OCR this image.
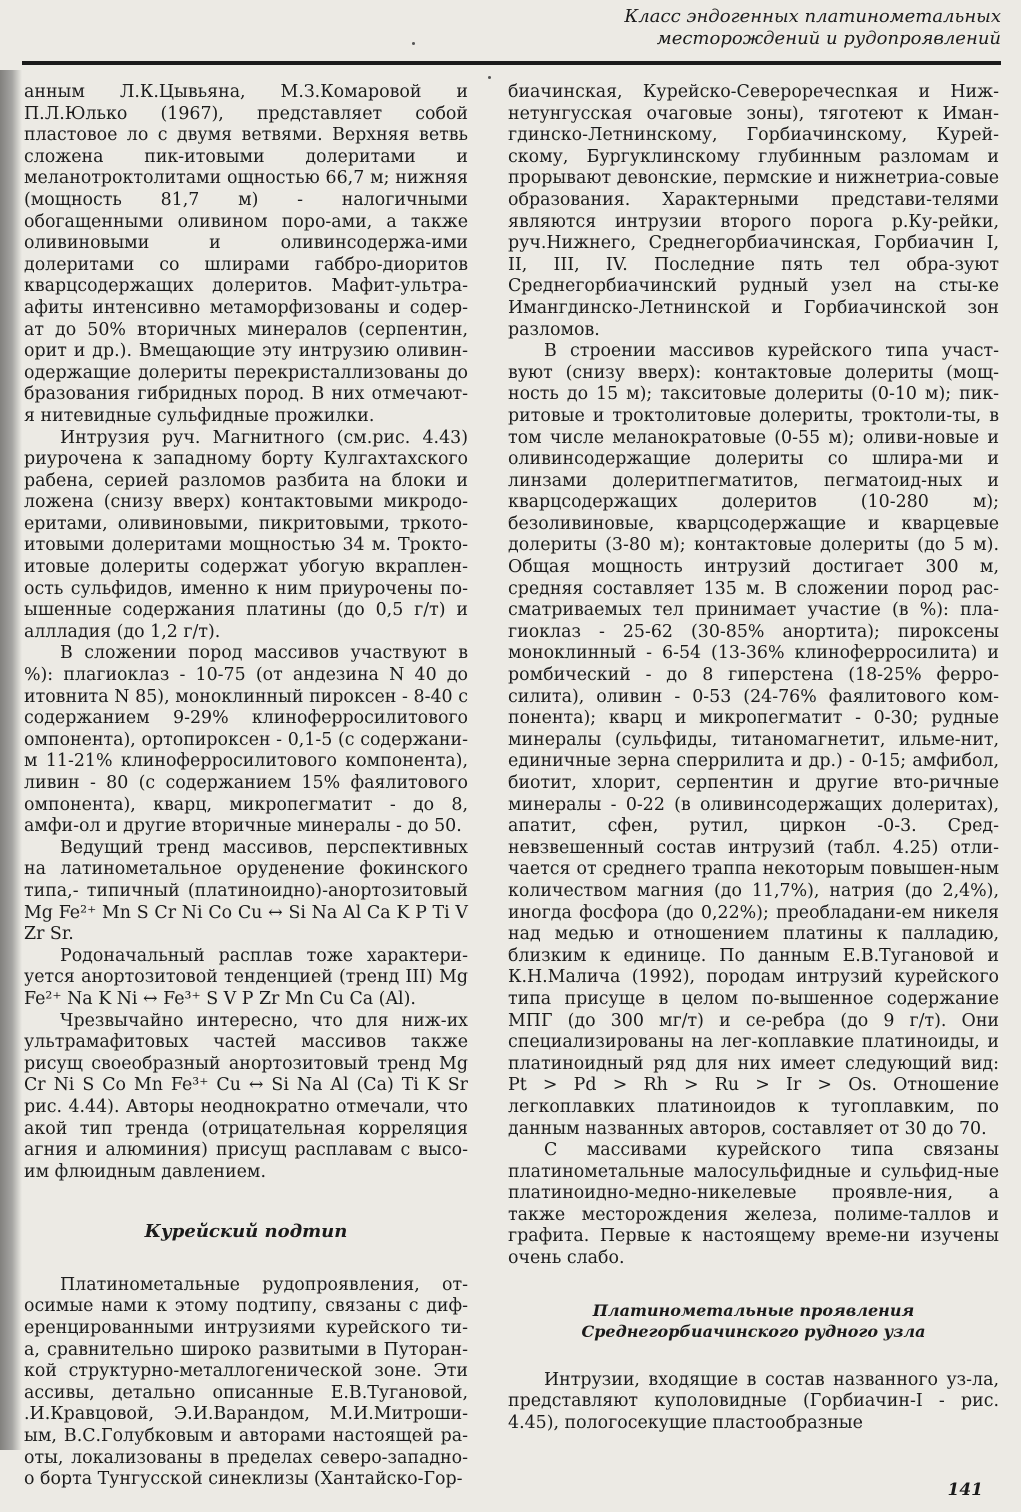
Класс эндогенных платинометальных
месторождений и рудопроявлений

анным Л.К.Цывьяна, М.З.Комаровой и П.Л.Юлько (1967), представляет собой пластовое ло с двумя ветвями. Верхняя ветвь сложена пик-итовыми долеритами и меланотроктолитами ощностью 66,7 м; нижняя (мощность 81,7 м) - налогичными обогащенными оливином поро-ами, а также оливиновыми и оливинсодержа-ими долеритами со шлирами габбро-диоритов кварцсодержащих долеритов. Мафит-ультра-афиты интенсивно метаморфизованы и содер-ат до 50% вторичных минералов (серпентин, орит и др.). Вмещающие эту интрузию оливин-одержащие долериты перекристаллизованы до бразования гибридных пород. В них отмечают-я нитевидные сульфидные прожилки.

Интрузия руч. Магнитного (см.рис. 4.43) риурочена к западному борту Кулгахтахского рабена, серией разломов разбита на блоки и ложена (снизу вверх) контактовыми микродо-еритами, оливиновыми, пикритовыми, тркото-итовыми долеритами мощностью 34 м. Трокто-итовые долериты содержат убогую вкраплен-ость сульфидов, именно к ним приурочены по-ышенные содержания платины (до 0,5 г/т) и аллладия (до 1,2 г/т).

В сложении пород массивов участвуют в %): плагиоклаз - 10-75 (от андезина N 40 до итовнита N 85), моноклинный пироксен - 8-40 с содержанием 9-29% клиноферросилитового омпонента), ортопироксен - 0,1-5 (с содержани-м 11-21% клиноферросилитового компонента), ливин - 80 (с содержанием 15% фаялитового омпонента), кварц, микропегматит - до 8, амфи-ол и другие вторичные минералы - до 50.

Ведущий тренд массивов, перспективных на латинометальное оруденение фокинского типа,- типичный (платиноидно)-анортозитовый Mg Fe²⁺ Mn S Cr Ni Co Cu ↔ Si Na Al Ca K P Ti V Zr Sr.

Родоначальный расплав тоже характери-уется анортозитовой тенденцией (тренд III) Mg Fe²⁺ Na K Ni ↔ Fe³⁺ S V P Zr Mn Cu Ca (Al).

Чрезвычайно интересно, что для ниж-их ультрамафитовых частей массивов также рисущ своеобразный анортозитовый тренд Mg Cr Ni S Co Mn Fe³⁺ Cu ↔ Si Na Al (Ca) Ti K Sr рис. 4.44). Авторы неоднократно отмечали, что акой тип тренда (отрицательная корреляция агния и алюминия) присущ расплавам с высо-им флюидным давлением.

Курейский подтип

Платинометальные рудопроявления, от-осимые нами к этому подтипу, связаны с диф-еренцированными интрузиями курейского ти-а, сравнительно широко развитыми в Путоран-кой структурно-металлогенической зоне. Эти ассивы, детально описанные Е.В.Тугановой, .И.Кравцовой, Э.И.Варандом, М.И.Митроши-ым, В.С.Голубковым и авторами настоящей ра-оты, локализованы в пределах северо-западно-о борта Тунгусской синеклизы (Хантайско-Гор-

биачинская, Курейско-Североречесnкая и Ниж-нетунгусская очаговые зоны), тяготеют к Иман-гдинско-Летнинскому, Горбиачинскому, Курей-скому, Бургуклинскому глубинным разломам и прорывают девонские, пермские и нижнетриа-совые образования. Характерными представи-телями являются интрузии второго порога р.Ку-рейки, руч.Нижнего, Среднегорбиачинская, Горбиачин I, II, III, IV. Последние пять тел обра-зуют Среднегорбиачинский рудный узел на сты-ке Имангдинско-Летнинской и Горбиачинской зон разломов.

В строении массивов курейского типа участ-вуют (снизу вверх): контактовые долериты (мощ-ность до 15 м); такситовые долериты (0-10 м); пик-ритовые и троктолитовые долериты, троктоли-ты, в том числе меланократовые (0-55 м); оливи-новые и оливинсодержащие долериты со шлира-ми и линзами долеритпегматитов, пегматоид-ных и кварцсодержащих долеритов (10-280 м); безоливиновые, кварцсодержащие и кварцевые долериты (3-80 м); контактовые долериты (до 5 м). Общая мощность интрузий достигает 300 м, средняя составляет 135 м. В сложении пород рас-сматриваемых тел принимает участие (в %): пла-гиоклаз - 25-62 (30-85% анортита); пироксены моноклинный - 6-54 (13-36% клиноферросилита) и ромбический - до 8 гиперстена (18-25% ферро-силита), оливин - 0-53 (24-76% фаялитового ком-понента); кварц и микропегматит - 0-30; рудные минералы (сульфиды, титаномагнетит, ильме-нит, единичные зерна сперрилита и др.) - 0-15; амфибол, биотит, хлорит, серпентин и другие вто-ричные минералы - 0-22 (в оливинсодержащих долеритах), апатит, сфен, рутил, циркон -0-3. Сред-невзвешенный состав интрузий (табл. 4.25) отли-чается от среднего траппа некоторым повышен-ным количеством магния (до 11,7%), натрия (до 2,4%), иногда фосфора (до 0,22%); преобладани-ем никеля над медью и отношением платины к палладию, близким к единице. По данным Е.В.Тугановой и К.Н.Малича (1992), породам интрузий курейского типа присуще в целом по-вышенное содержание МПГ (до 300 мг/т) и се-ребра (до 9 г/т). Они специализированы на лег-коплавкие платиноиды, и платиноидный ряд для них имеет следующий вид: Pt > Pd > Rh > Ru > Ir > Os. Отношение легкоплавких платиноидов к тугоплавким, по данным названных авторов, составляет от 30 до 70.

С массивами курейского типа связаны платинометальные малосульфидные и сульфид-ные платиноидно-медно-никелевые проявле-ния, а также месторождения железа, полиме-таллов и графита. Первые к настоящему време-ни изучены очень слабо.

Платинометальные проявления
Среднегорбиачинского рудного узла

Интрузии, входящие в состав названного уз-ла, представляют куполовидные (Горбиачин-I - рис. 4.45), пологосекущие пластообразные

141
